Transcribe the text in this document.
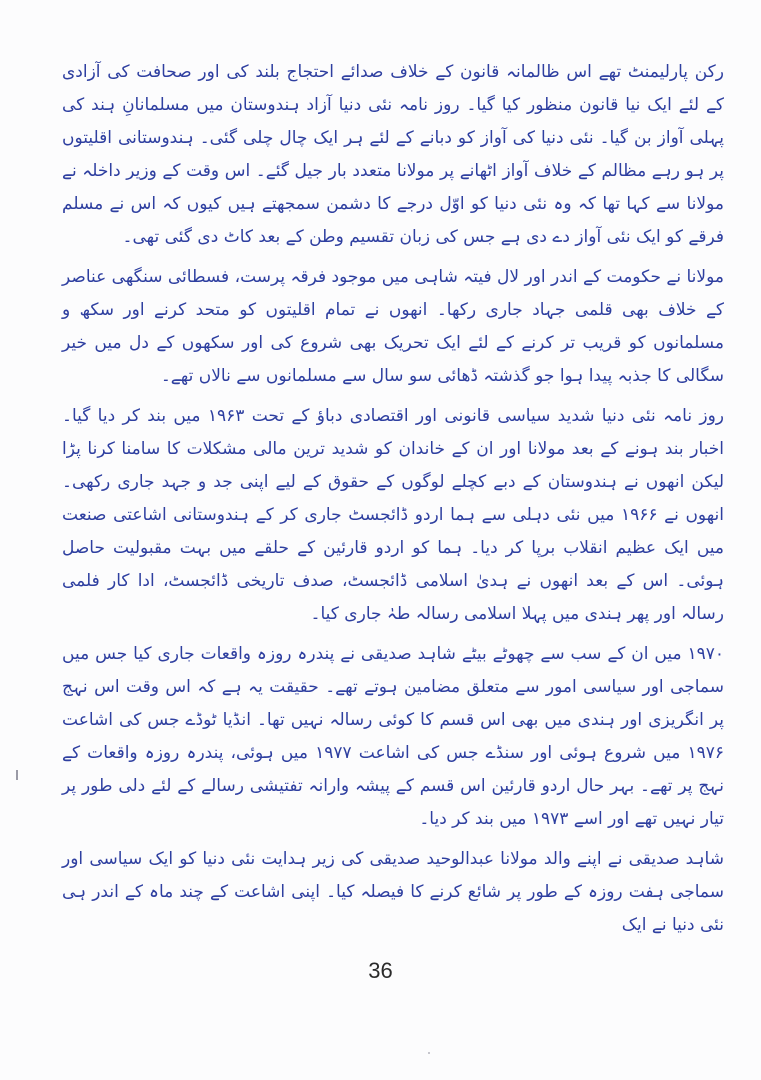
رکن پارلیمنٹ تھے اس ظالمانہ قانون کے خلاف صدائے احتجاج بلند کی اور صحافت کی آزادی کے لئے ایک نیا قانون منظور کیا گیا۔ روز نامہ نئی دنیا آزاد ہندوستان میں مسلمانانِ ہند کی پہلی آواز بن گیا۔ نئی دنیا کی آواز کو دبانے کے لئے ہر ایک چال چلی گئی۔ ہندوستانی اقلیتوں پر ہو رہے مظالم کے خلاف آواز اٹھانے پر مولانا متعدد بار جیل گئے۔ اس وقت کے وزیر داخلہ نے مولانا سے کہا تھا کہ وہ نئی دنیا کو اوّل درجے کا دشمن سمجھتے ہیں کیوں کہ اس نے مسلم فرقے کو ایک نئی آواز دے دی ہے جس کی زبان تقسیم وطن کے بعد کاٹ دی گئی تھی۔

مولانا نے حکومت کے اندر اور لال فیتہ شاہی میں موجود فرقہ پرست، فسطائی سنگھی عناصر کے خلاف بھی قلمی جہاد جاری رکھا۔ انھوں نے تمام اقلیتوں کو متحد کرنے اور سکھ و مسلمانوں کو قریب تر کرنے کے لئے ایک تحریک بھی شروع کی اور سکھوں کے دل میں خیر سگالی کا جذبہ پیدا ہوا جو گذشتہ ڈھائی سو سال سے مسلمانوں سے نالاں تھے۔

روز نامہ نئی دنیا شدید سیاسی قانونی اور اقتصادی دباؤ کے تحت ۱۹۶۳ میں بند کر دیا گیا۔ اخبار بند ہونے کے بعد مولانا اور ان کے خاندان کو شدید ترین مالی مشکلات کا سامنا کرنا پڑا لیکن انھوں نے ہندوستان کے دبے کچلے لوگوں کے حقوق کے لیے اپنی جد و جہد جاری رکھی۔ انھوں نے ۱۹۶۶ میں نئی دہلی سے ہما اردو ڈائجسٹ جاری کر کے ہندوستانی اشاعتی صنعت میں ایک عظیم انقلاب برپا کر دیا۔ ہما کو اردو قارئین کے حلقے میں بہت مقبولیت حاصل ہوئی۔ اس کے بعد انھوں نے ہدیٰ اسلامی ڈائجسٹ، صدف تاریخی ڈائجسٹ، ادا کار فلمی رسالہ اور پھر ہندی میں پہلا اسلامی رسالہ طہٰ جاری کیا۔

۱۹۷۰ میں ان کے سب سے چھوٹے بیٹے شاہد صدیقی نے پندرہ روزہ واقعات جاری کیا جس میں سماجی اور سیاسی امور سے متعلق مضامین ہوتے تھے۔ حقیقت یہ ہے کہ اس وقت اس نہج پر انگریزی اور ہندی میں بھی اس قسم کا کوئی رسالہ نہیں تھا۔ انڈیا ٹوڈے جس کی اشاعت ۱۹۷۶ میں شروع ہوئی اور سنڈے جس کی اشاعت ۱۹۷۷ میں ہوئی، پندرہ روزہ واقعات کے نہج پر تھے۔ بہر حال اردو قارئین اس قسم کے پیشہ وارانہ تفتیشی رسالے کے لئے دلی طور پر تیار نہیں تھے اور اسے ۱۹۷۳ میں بند کر دیا۔

شاہد صدیقی نے اپنے والد مولانا عبدالوحید صدیقی کی زیر ہدایت نئی دنیا کو ایک سیاسی اور سماجی ہفت روزہ کے طور پر شائع کرنے کا فیصلہ کیا۔ اپنی اشاعت کے چند ماہ کے اندر ہی نئی دنیا نے ایک

36
